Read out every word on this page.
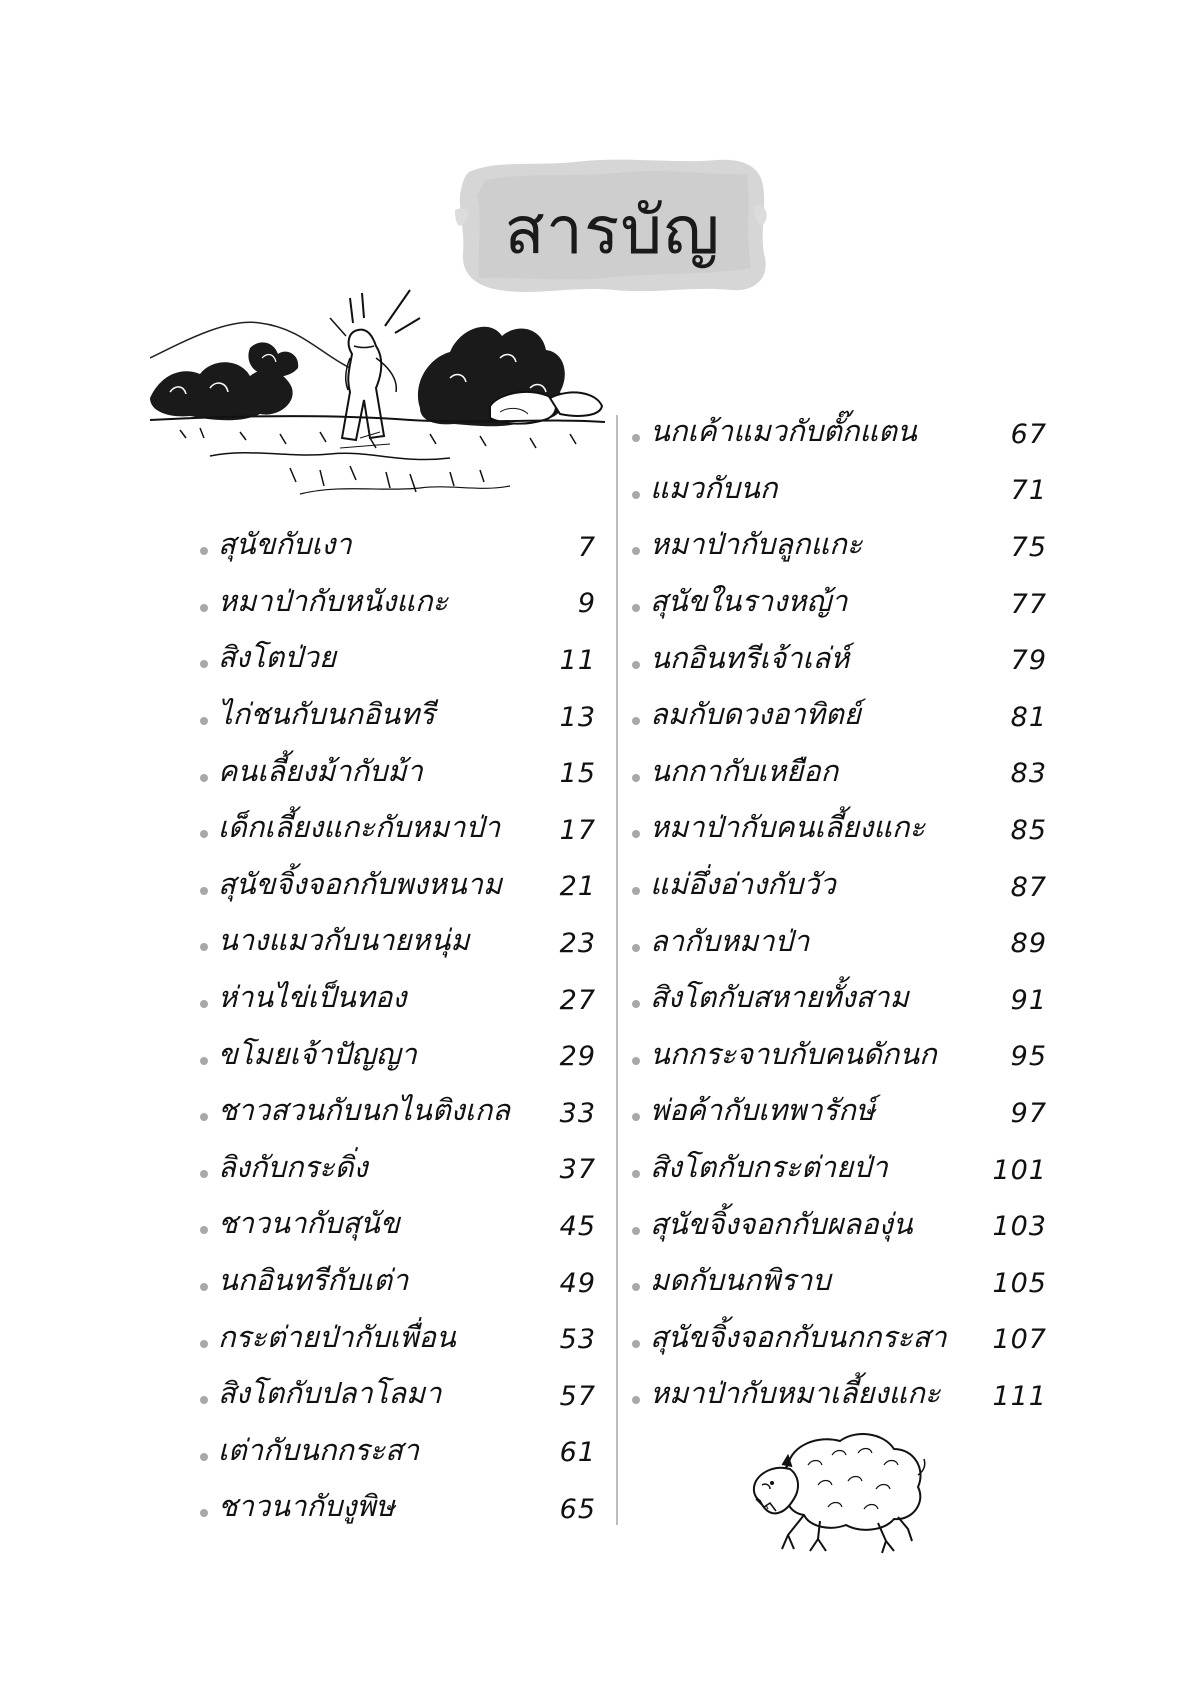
สารบัญ
สุนัขกับเงา	7
หมาป่ากับหนังแกะ	9
สิงโตป่วย	11
ไก่ชนกับนกอินทรี	13
คนเลี้ยงม้ากับม้า	15
เด็กเลี้ยงแกะกับหมาป่า	17
สุนัขจิ้งจอกกับพงหนาม	21
นางแมวกับนายหนุ่ม	23
ห่านไข่เป็นทอง	27
ขโมยเจ้าปัญญา	29
ชาวสวนกับนกไนติงเกล	33
ลิงกับกระดิ่ง	37
ชาวนากับสุนัข	45
นกอินทรีกับเต่า	49
กระต่ายป่ากับเพื่อน	53
สิงโตกับปลาโลมา	57
เต่ากับนกกระสา	61
ชาวนากับงูพิษ	65
นกเค้าแมวกับตั๊กแตน	67
แมวกับนก	71
หมาป่ากับลูกแกะ	75
สุนัขในรางหญ้า	77
นกอินทรีเจ้าเล่ห์	79
ลมกับดวงอาทิตย์	81
นกกากับเหยือก	83
หมาป่ากับคนเลี้ยงแกะ	85
แม่อึ่งอ่างกับวัว	87
ลากับหมาป่า	89
สิงโตกับสหายทั้งสาม	91
นกกระจาบกับคนดักนก	95
พ่อค้ากับเทพารักษ์	97
สิงโตกับกระต่ายป่า	101
สุนัขจิ้งจอกกับผลองุ่น	103
มดกับนกพิราบ	105
สุนัขจิ้งจอกกับนกกระสา	107
หมาป่ากับหมาเลี้ยงแกะ	111
